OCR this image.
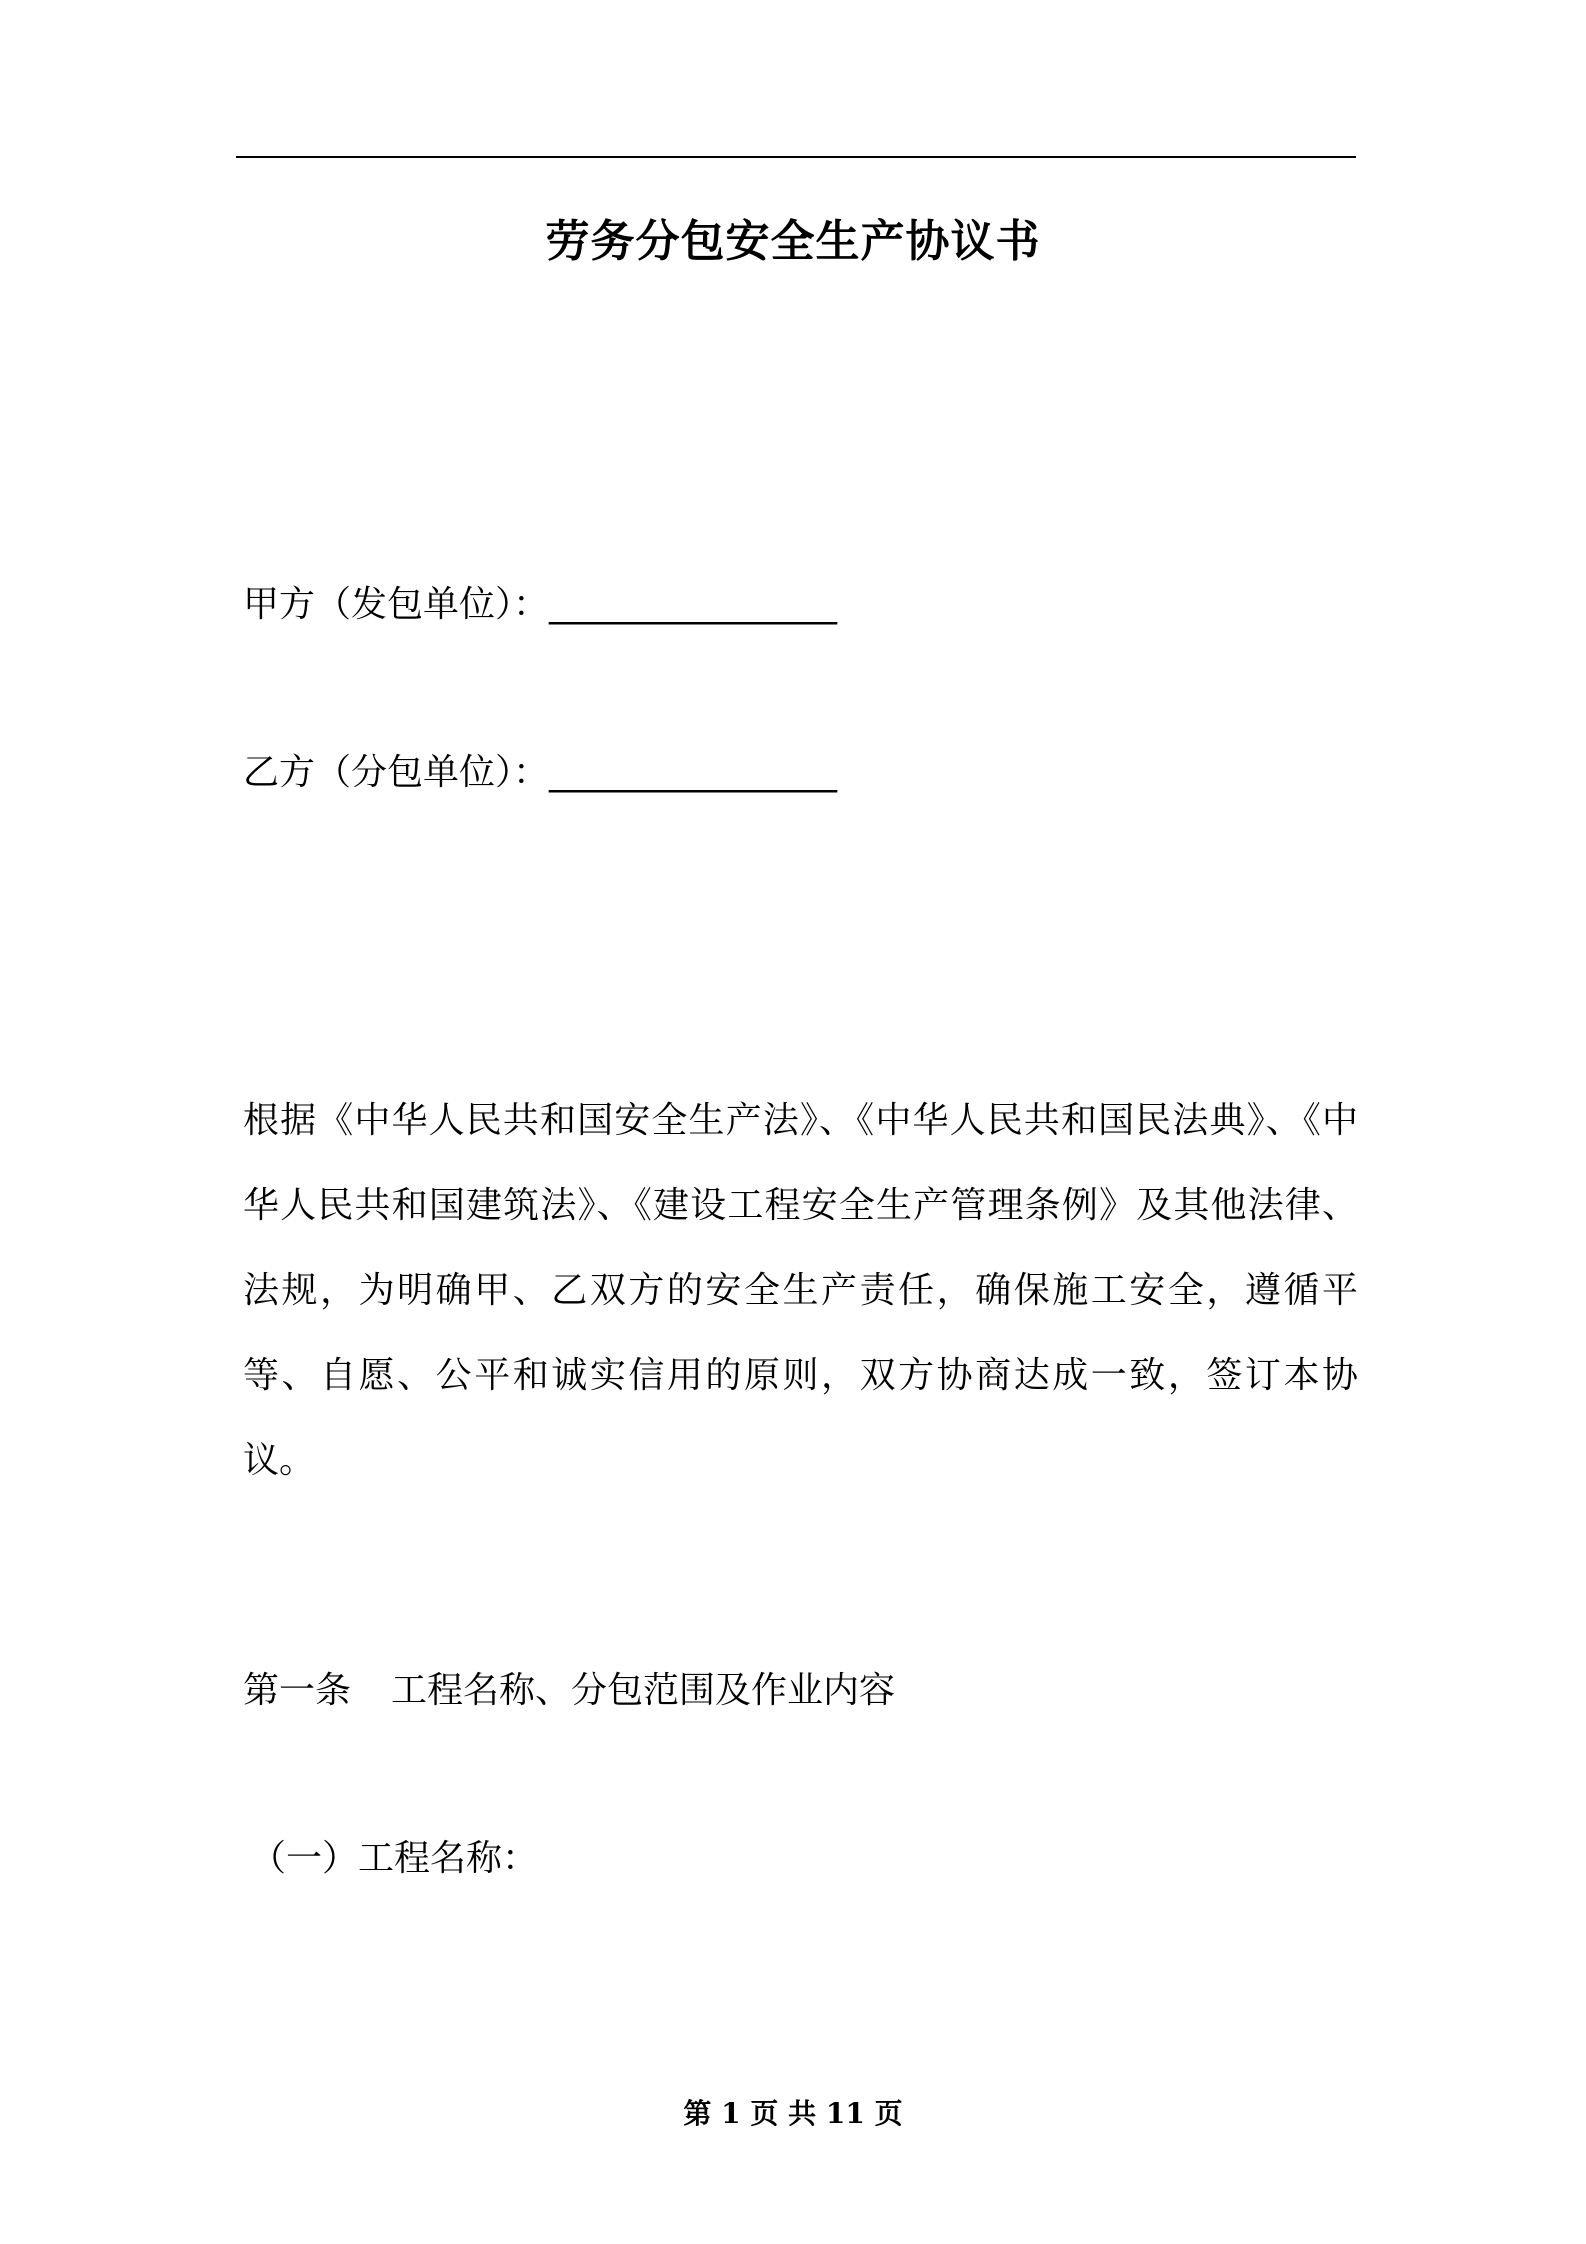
劳务分包安全生产协议书
甲方（发包单位）：________________
乙方（分包单位）：________________
根据《中华人民共和国安全生产法》、《中华人民共和国民法典》、《中华人民共和国建筑法》、《建设工程安全生产管理条例》及其他法律、法规，为明确甲、乙双方的安全生产责任，确保施工安全，遵循平等、自愿、公平和诚实信用的原则，双方协商达成一致，签订本协议。
第一条 工程名称、分包范围及作业内容
（一）工程名称：
第 1 页 共 11 页
